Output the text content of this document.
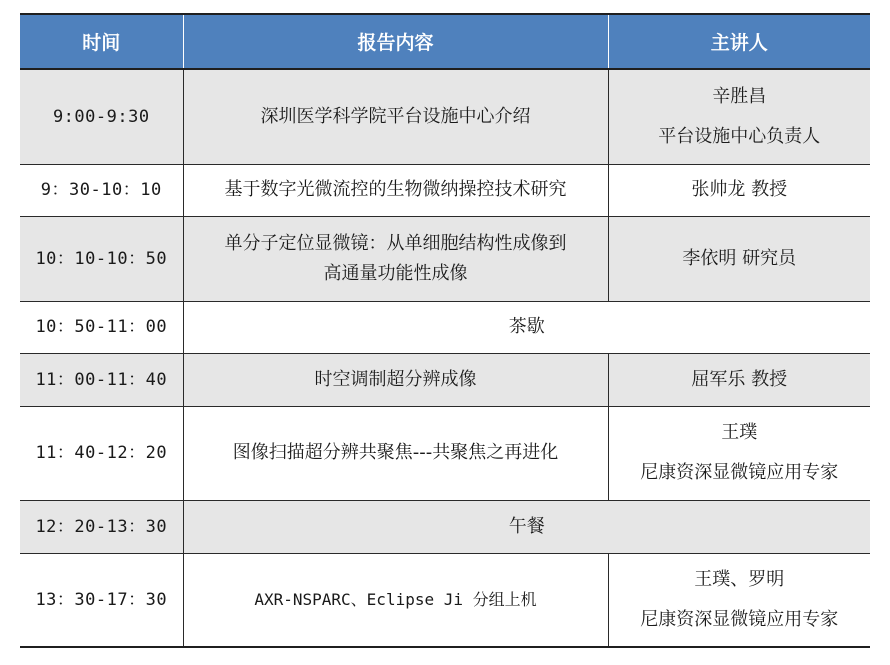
时间	报告内容	主讲人
9:00-9:30	深圳医学科学院平台设施中心介绍	辛胜昌
平台设施中心负责人

9：30-10：10	基于数字光微流控的生物微纳操控技术研究	张帅龙 教授
10：10-10：50	单分子定位显微镜：从单细胞结构性成像到
高通量功能性成像	李依明 研究员
10：50-11：00	茶歇	
11：00-11：40	时空调制超分辨成像	屈军乐 教授
11：40-12：20	图像扫描超分辨共聚焦---共聚焦之再进化	王璞
尼康资深显微镜应用专家

12：20-13：30	午餐	
13：30-17：30	AXR-NSPARC、Eclipse Ji 分组上机	王璞、罗明
尼康资深显微镜应用专家
